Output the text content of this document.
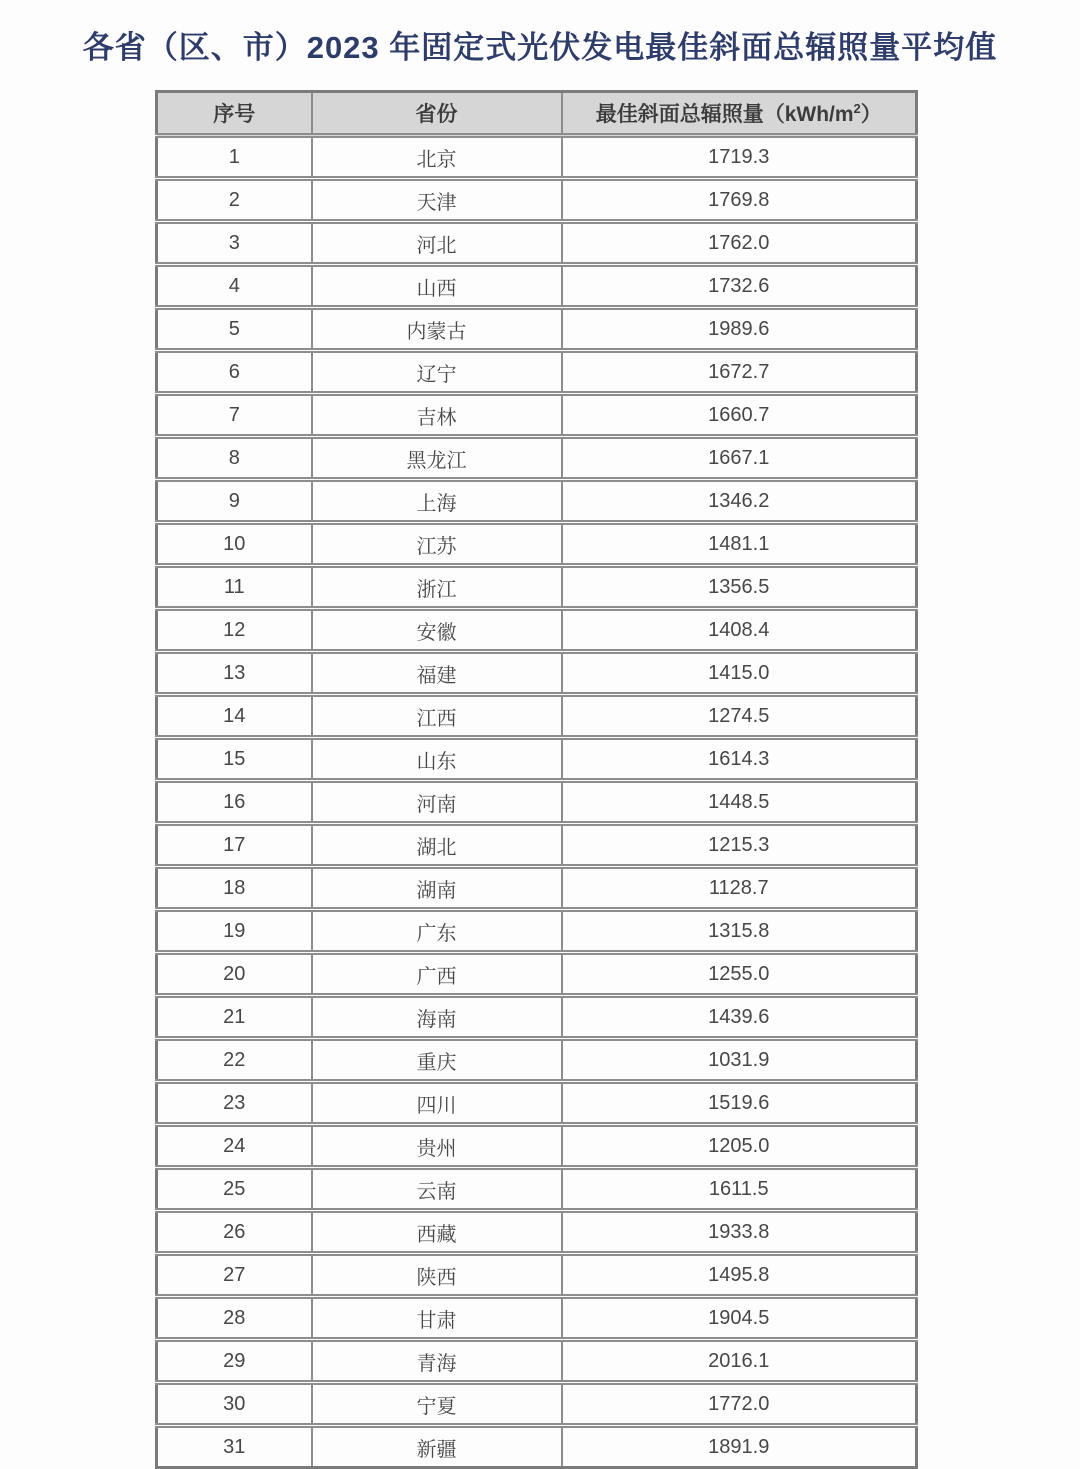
各省（区、市）2023 年固定式光伏发电最佳斜面总辐照量平均值
序号	省份	最佳斜面总辐照量$(kWh/m^2)$
1	北京	1719.3
2	天津	1769.8
3	河北	1762.0
4	山西	1732.6
5	内蒙古	1989.6
6	辽宁	1672.7
7	吉林	1660.7
8	黑龙江	1667.1
9	上海	1346.2
10	江苏	1481.1
11	浙江	1356.5
12	安徽	1408.4
13	福建	1415.0
14	江西	1274.5
15	山东	1614.3
16	河南	1448.5
17	湖北	1215.3
18	湖南	1128.7
19	广东	1315.8
20	广西	1255.0
21	海南	1439.6
22	重庆	1031.9
23	四川	1519.6
24	贵州	1205.0
25	云南	1611.5
26	西藏	1933.8
27	陕西	1495.8
28	甘肃	1904.5
29	青海	2016.1
30	宁夏	1772.0
31	新疆	1891.9
